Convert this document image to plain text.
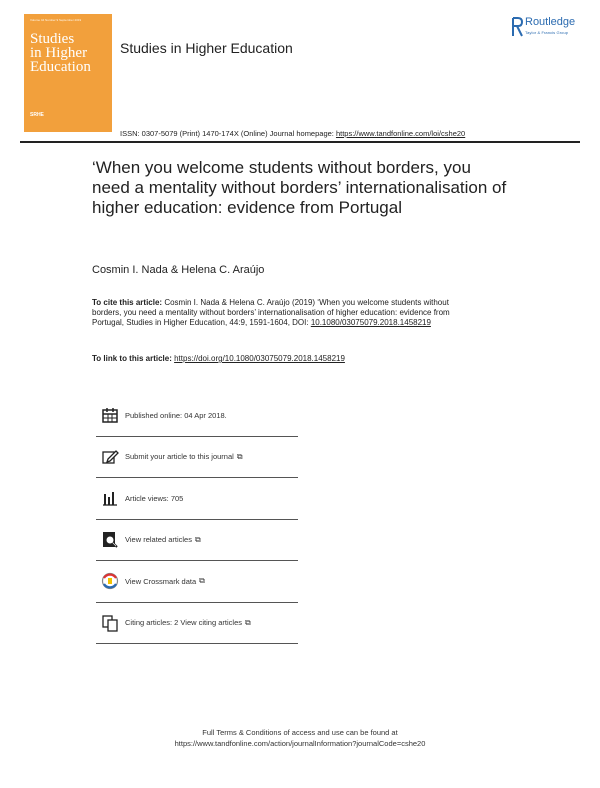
Volume 44 Number 9 September 2019
Studies
in Higher
Education
SRHE
Studies in Higher Education
Routledge
Taylor & Francis Group
ISSN: 0307-5079 (Print) 1470-174X (Online) Journal homepage: https://www.tandfonline.com/loi/cshe20
‘When you welcome students without borders, you need a mentality without borders’ internationalisation of higher education: evidence from Portugal
Cosmin I. Nada & Helena C. Araújo
To cite this article: Cosmin I. Nada & Helena C. Araújo (2019) ‘When you welcome students without borders, you need a mentality without borders’ internationalisation of higher education: evidence from Portugal, Studies in Higher Education, 44:9, 1591-1604, DOI: 10.1080/03075079.2018.1458219
To link to this article: https://doi.org/10.1080/03075079.2018.1458219
Published online: 04 Apr 2018.
Submit your article to this journal ⧉
Article views: 705
View related articles ⧉
View Crossmark data ⧉
Citing articles: 2 View citing articles ⧉
Full Terms & Conditions of access and use can be found at
https://www.tandfonline.com/action/journalInformation?journalCode=cshe20
